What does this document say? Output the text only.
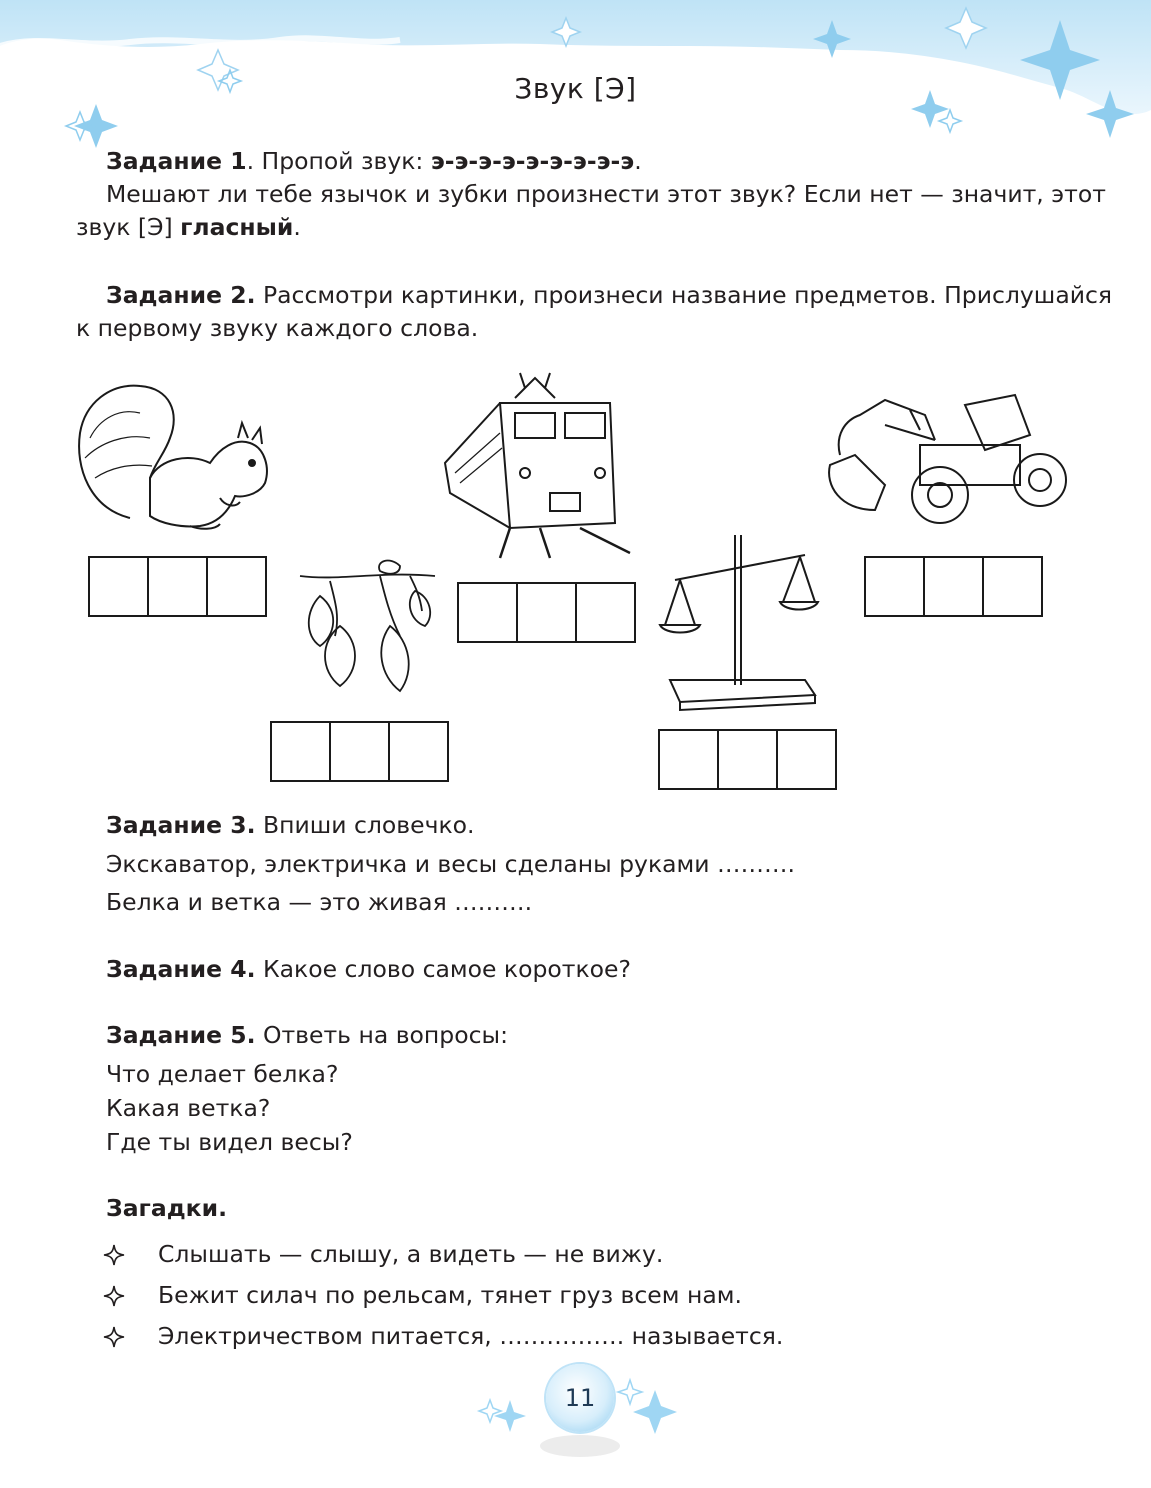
Звук [Э]
Задание 1. Пропой звук: э-э-э-э-э-э-э-э-э.
Мешают ли тебе язычок и зубки произнести этот звук? Если нет — значит, этот
звук [Э] гласный.
Задание 2. Рассмотри картинки, произнеси название предметов. Прислушайся
к первому звуку каждого слова.
Задание 3. Впиши словечко.
Экскаватор, электричка и весы сделаны руками ……….
Белка и ветка — это живая ……….
Задание 4. Какое слово самое короткое?
Задание 5. Ответь на вопросы:
Что делает белка?
Какая ветка?
Где ты видел весы?
Загадки.
Слышать — слышу, а видеть — не вижу.
Бежит силач по рельсам, тянет груз всем нам.
Электричеством питается, ……………. называется.
11
